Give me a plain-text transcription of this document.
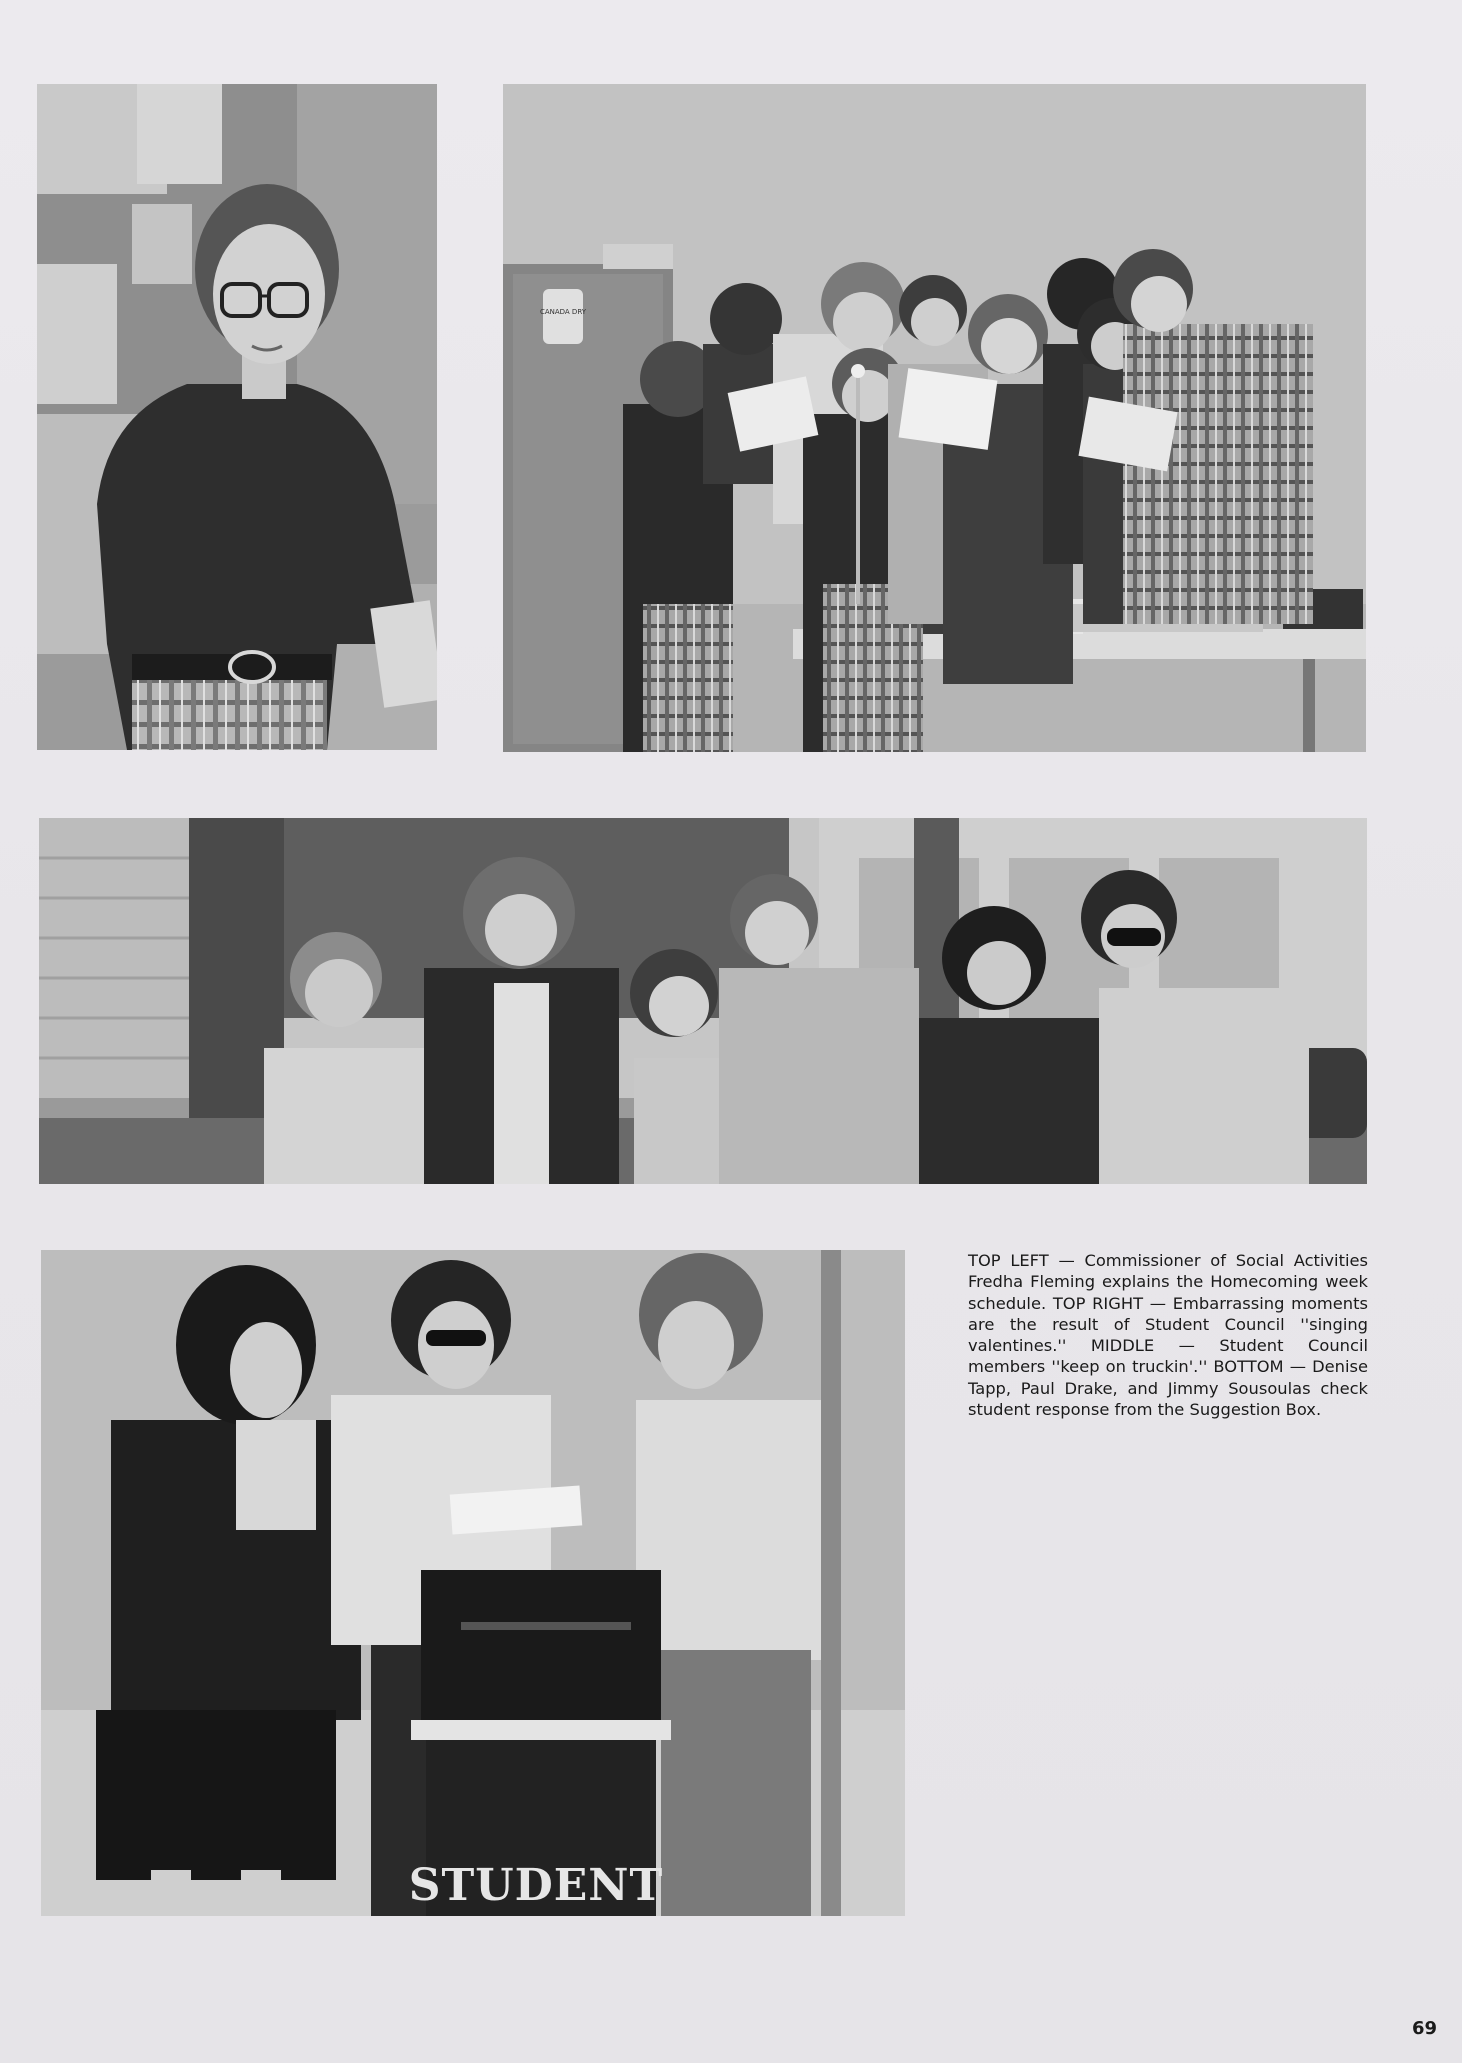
CANADA DRY
STUDENT
TOP LEFT — Commissioner of Social Activities Fredha Fleming explains the Homecoming week schedule. TOP RIGHT — Embarrassing moments are the result of Student Council ''singing valentines.'' MIDDLE — Student Council members ''keep on truckin'.'' BOTTOM — Denise Tapp, Paul Drake, and Jimmy Sousoulas check student response from the Suggestion Box.
69
